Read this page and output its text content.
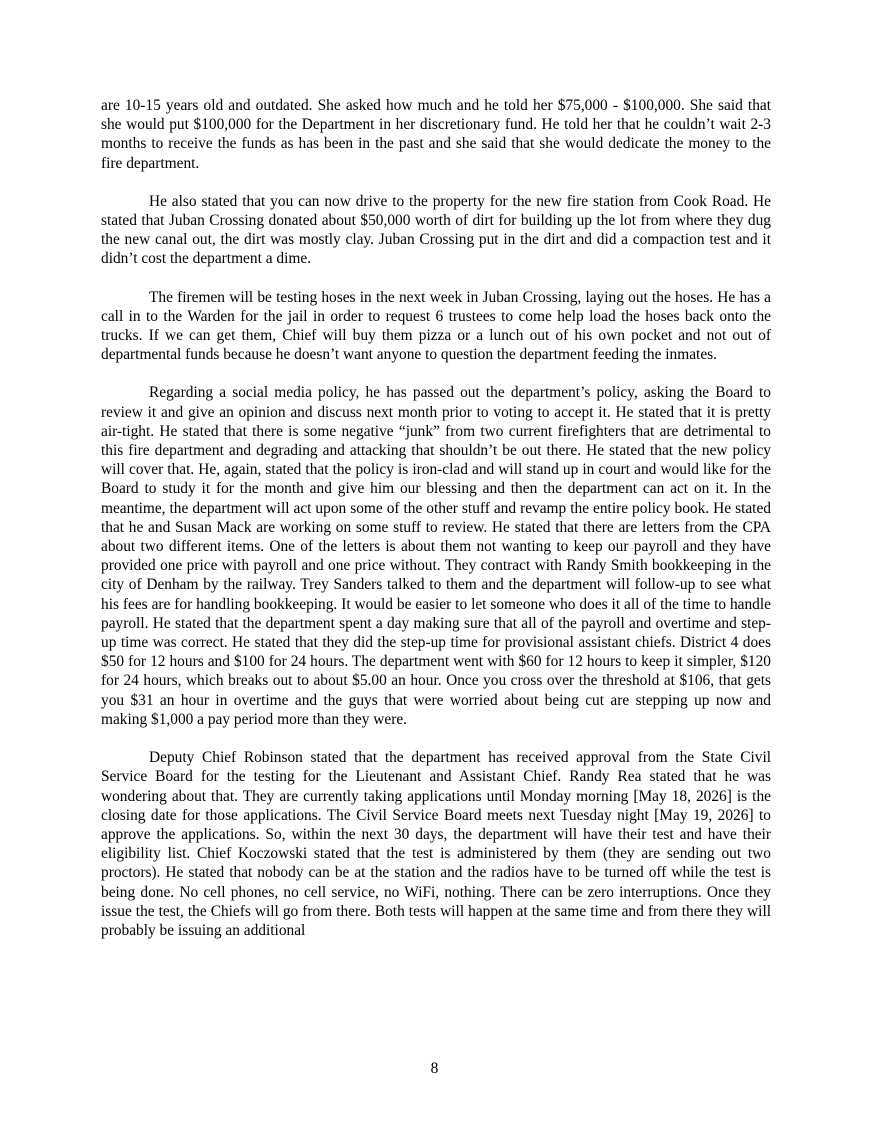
are 10-15 years old and outdated. She asked how much and he told her $75,000 - $100,000. She said that she would put $100,000 for the Department in her discretionary fund. He told her that he couldn’t wait 2-3 months to receive the funds as has been in the past and she said that she would dedicate the money to the fire department.

He also stated that you can now drive to the property for the new fire station from Cook Road. He stated that Juban Crossing donated about $50,000 worth of dirt for building up the lot from where they dug the new canal out, the dirt was mostly clay. Juban Crossing put in the dirt and did a compaction test and it didn’t cost the department a dime.

The firemen will be testing hoses in the next week in Juban Crossing, laying out the hoses. He has a call in to the Warden for the jail in order to request 6 trustees to come help load the hoses back onto the trucks. If we can get them, Chief will buy them pizza or a lunch out of his own pocket and not out of departmental funds because he doesn’t want anyone to question the department feeding the inmates.

Regarding a social media policy, he has passed out the department’s policy, asking the Board to review it and give an opinion and discuss next month prior to voting to accept it. He stated that it is pretty air-tight. He stated that there is some negative “junk” from two current firefighters that are detrimental to this fire department and degrading and attacking that shouldn’t be out there. He stated that the new policy will cover that. He, again, stated that the policy is iron-clad and will stand up in court and would like for the Board to study it for the month and give him our blessing and then the department can act on it. In the meantime, the department will act upon some of the other stuff and revamp the entire policy book. He stated that he and Susan Mack are working on some stuff to review. He stated that there are letters from the CPA about two different items. One of the letters is about them not wanting to keep our payroll and they have provided one price with payroll and one price without. They contract with Randy Smith bookkeeping in the city of Denham by the railway. Trey Sanders talked to them and the department will follow-up to see what his fees are for handling bookkeeping. It would be easier to let someone who does it all of the time to handle payroll. He stated that the department spent a day making sure that all of the payroll and overtime and step-up time was correct. He stated that they did the step-up time for provisional assistant chiefs. District 4 does $50 for 12 hours and $100 for 24 hours. The department went with $60 for 12 hours to keep it simpler, $120 for 24 hours, which breaks out to about $5.00 an hour. Once you cross over the threshold at $106, that gets you $31 an hour in overtime and the guys that were worried about being cut are stepping up now and making $1,000 a pay period more than they were.

Deputy Chief Robinson stated that the department has received approval from the State Civil Service Board for the testing for the Lieutenant and Assistant Chief. Randy Rea stated that he was wondering about that. They are currently taking applications until Monday morning [May 18, 2026] is the closing date for those applications. The Civil Service Board meets next Tuesday night [May 19, 2026] to approve the applications. So, within the next 30 days, the department will have their test and have their eligibility list. Chief Koczowski stated that the test is administered by them (they are sending out two proctors). He stated that nobody can be at the station and the radios have to be turned off while the test is being done. No cell phones, no cell service, no WiFi, nothing. There can be zero interruptions. Once they issue the test, the Chiefs will go from there. Both tests will happen at the same time and from there they will probably be issuing an additional

8
